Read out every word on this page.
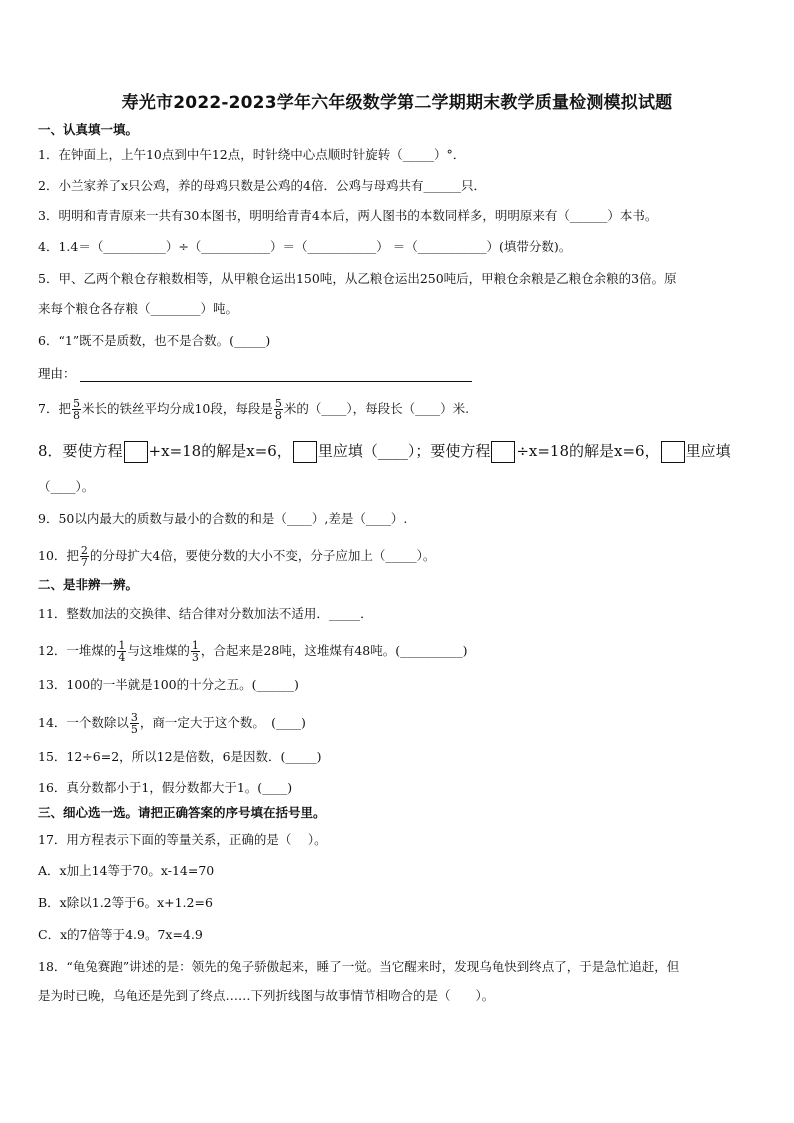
寿光市2022-2023学年六年级数学第二学期期末教学质量检测模拟试题
一、认真填一填。
1．在钟面上，上午10点到中午12点，时针绕中心点顺时针旋转（_____）°．
2．小兰家养了x只公鸡，养的母鸡只数是公鸡的4倍．公鸡与母鸡共有______只．
3．明明和青青原来一共有30本图书，明明给青青4本后，两人图书的本数同样多，明明原来有（______）本书。
4．1.4＝（__________）÷（___________）＝（___________） ＝（___________）(填带分数)。
5．甲、乙两个粮仓存粮数相等，从甲粮仓运出150吨，从乙粮仓运出250吨后，甲粮仓余粮是乙粮仓余粮的3倍。原
来每个粮仓各存粮（________）吨。
6．“1”既不是质数，也不是合数。(_____)
理由：
7．把 $\frac{5}{8}$ 米长的铁丝平均分成10段，每段是 $\frac{5}{8}$ 米的（____），每段长（____）米.
8．要使方程 +x=18的解是x=6， 里应填（____）；要使方程 ÷x=18的解是x=6， 里应填
（____）。
9．50以内最大的质数与最小的合数的和是（____）,差是（____）.
10．把 $\frac{2}{7}$ 的分母扩大4倍，要使分数的大小不变，分子应加上（_____）。
二、是非辨一辨。
11．整数加法的交换律、结合律对分数加法不适用．_____．
12．一堆煤的 $\frac{1}{4}$ 与这堆煤的 $\frac{1}{3}$ ，合起来是28吨，这堆煤有48吨。(__________)
13．100的一半就是100的十分之五。(______)
14．一个数除以 $\frac{3}{5}$ ，商一定大于这个数。　(____)
15．12÷6=2，所以12是倍数，6是因数．(_____)
16．真分数都小于1，假分数都大于1。(____)
三、细心选一选。请把正确答案的序号填在括号里。
17．用方程表示下面的等量关系，正确的是（　 ）。
A．x加上14等于70。x-14=70
B．x除以1.2等于6。x+1.2=6
C．x的7倍等于4.9。7x=4.9
18．“龟兔赛跑”讲述的是：领先的兔子骄傲起来，睡了一觉。当它醒来时，发现乌龟快到终点了，于是急忙追赶，但
是为时已晚，乌龟还是先到了终点……下列折线图与故事情节相吻合的是（　　）。
